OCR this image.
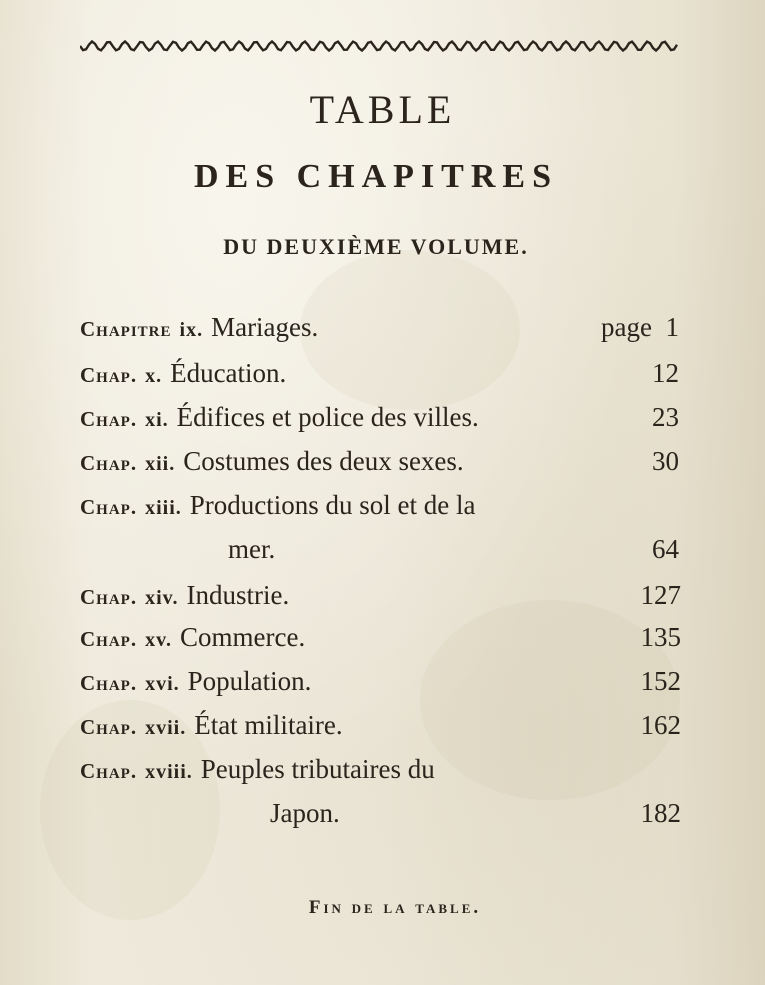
TABLE
DES CHAPITRES
DU DEUXIÈME VOLUME.
Chapitre ix. Mariages.	page 1
Chap. x. Éducation.	12
Chap. xi. Édifices et police des villes.	23
Chap. xii. Costumes des deux sexes.	30
Chap. xiii. Productions du sol et de la
mer.	64
Chap. xiv. Industrie.	127
Chap. xv. Commerce.	135
Chap. xvi. Population.	152
Chap. xvii. État militaire.	162
Chap. xviii. Peuples tributaires du
Japon.	182
Fin de la table.
